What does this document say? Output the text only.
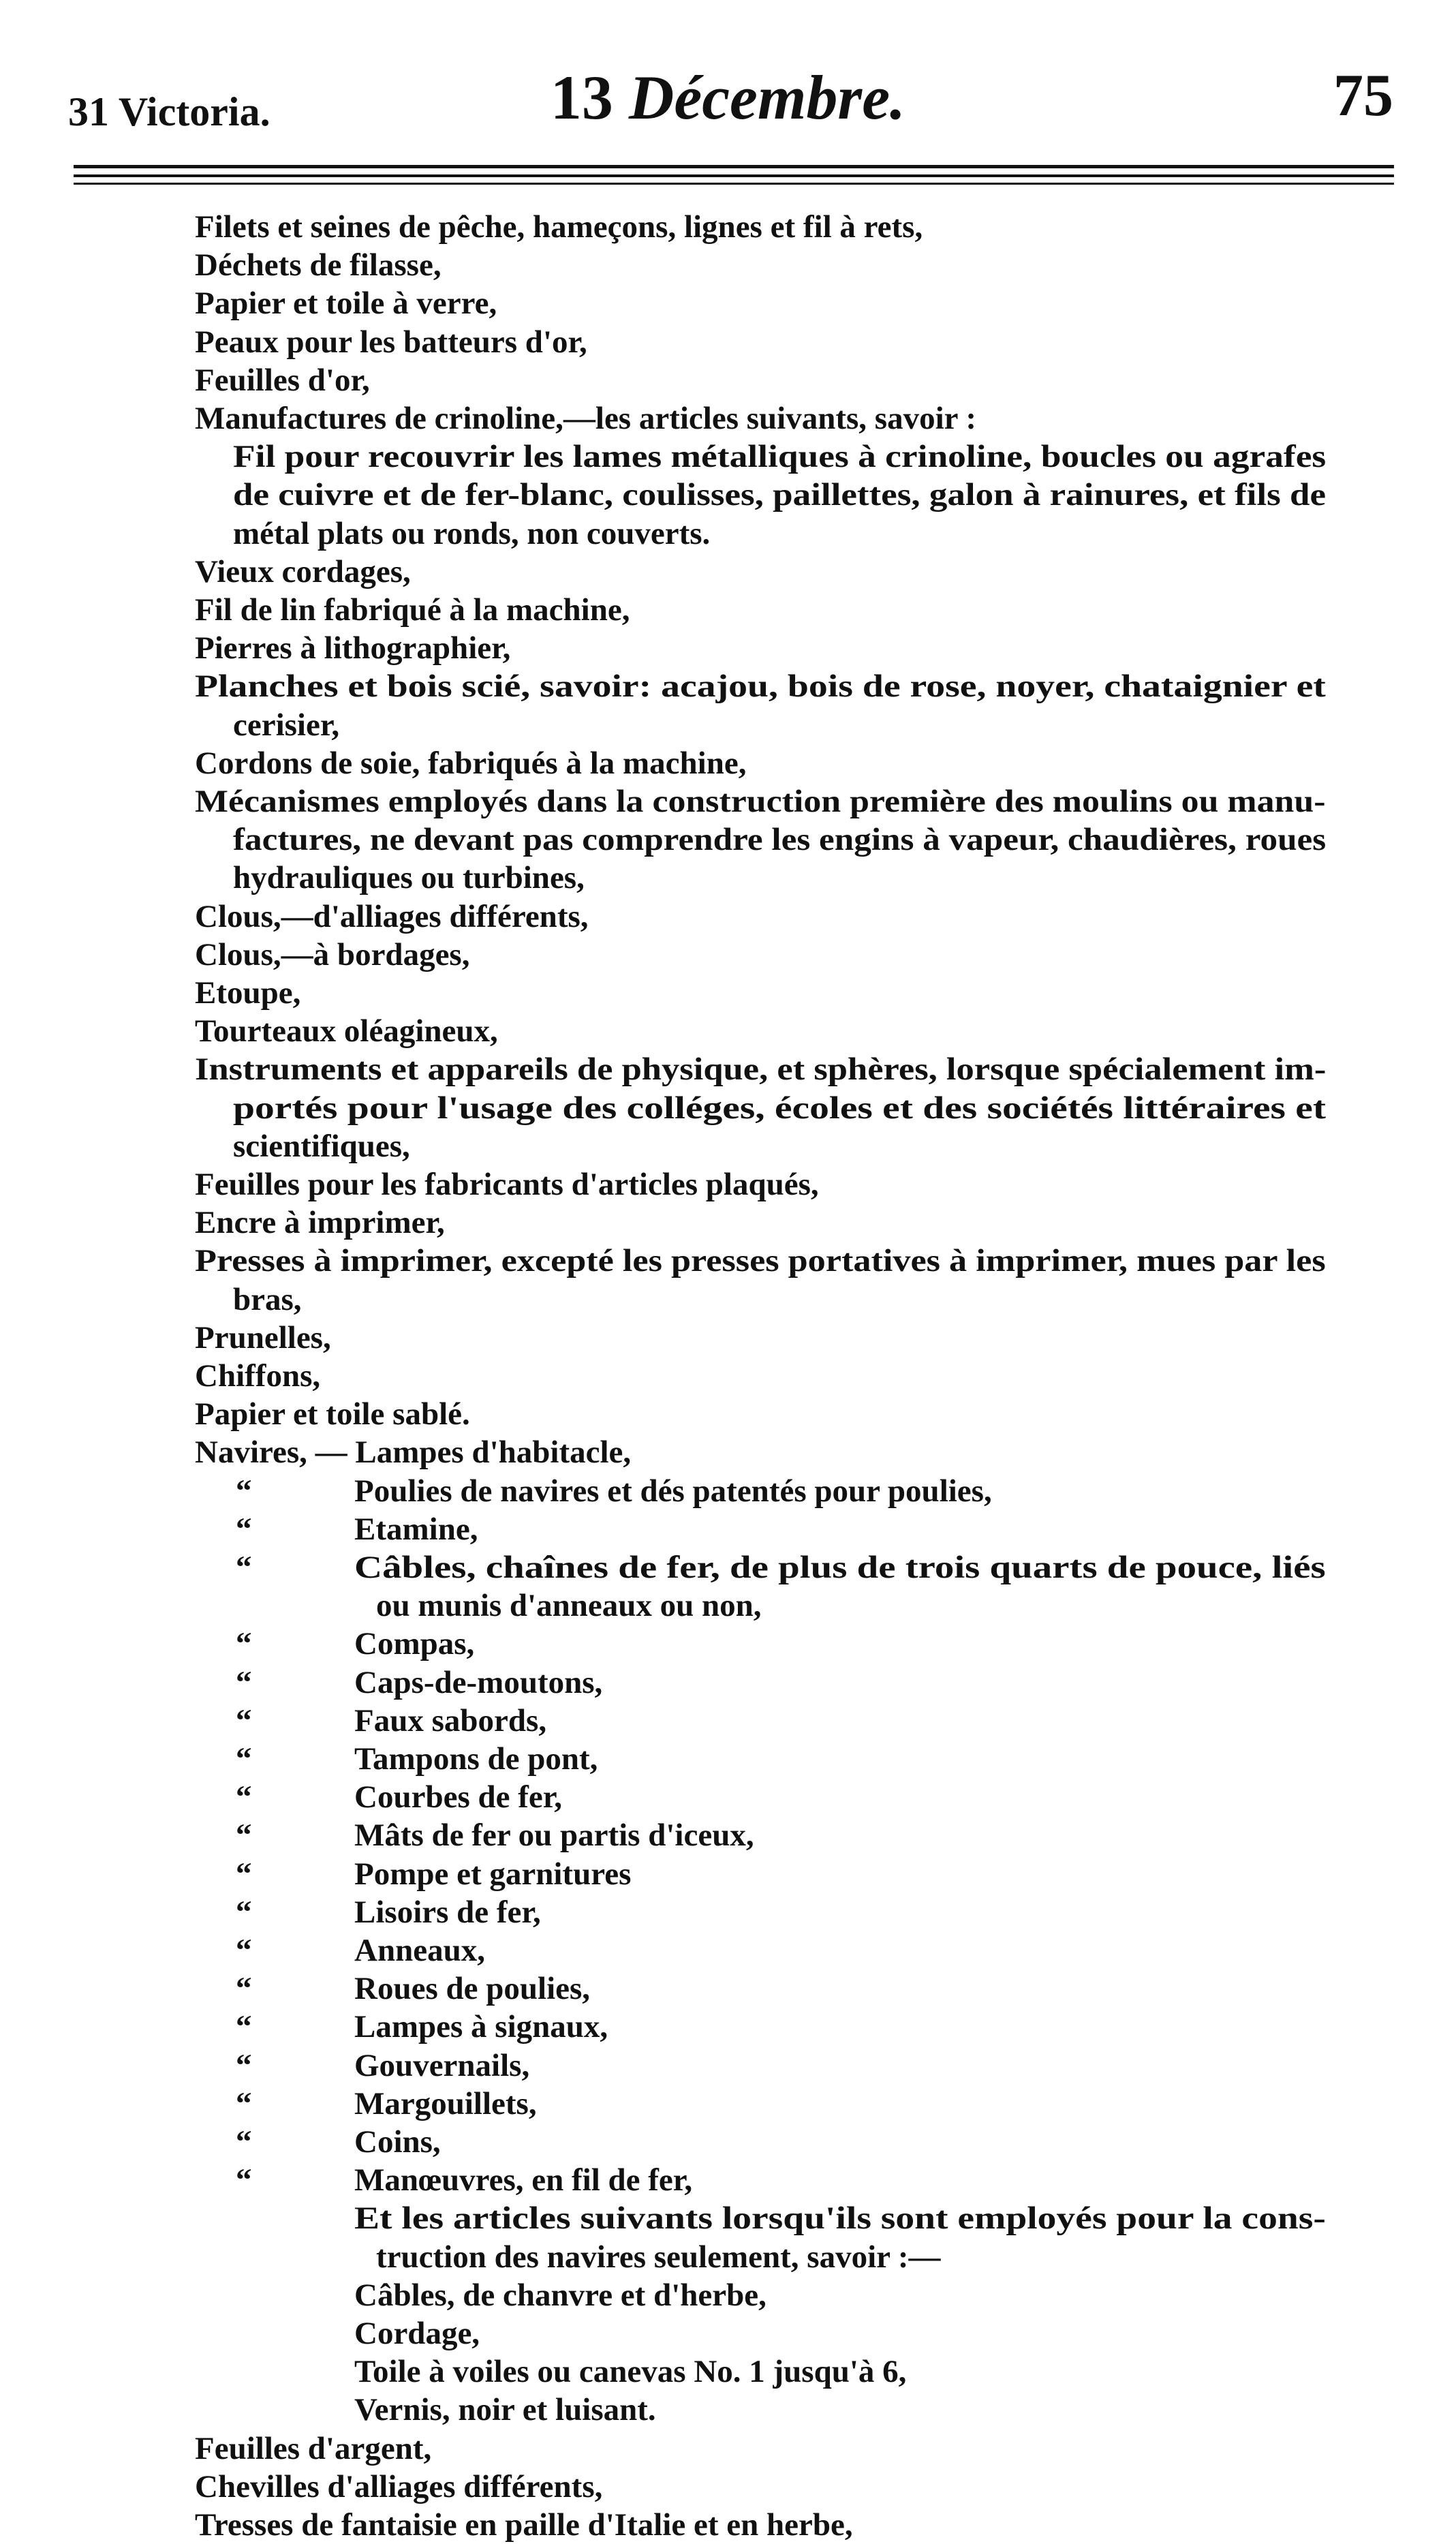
31 Victoria.	13 Décembre.	75
Filets et seines de pêche, hameçons, lignes et fil à rets,
Déchets de filasse,
Papier et toile à verre,
Peaux pour les batteurs d'or,
Feuilles d'or,
Manufactures de crinoline,—les articles suivants, savoir :
Fil pour recouvrir les lames métalliques à crinoline, boucles ou agrafes
de cuivre et de fer-blanc, coulisses, paillettes, galon à rainures, et fils de
métal plats ou ronds, non couverts.
Vieux cordages,
Fil de lin fabriqué à la machine,
Pierres à lithographier,
Planches et bois scié, savoir: acajou, bois de rose, noyer, chataignier et
cerisier,
Cordons de soie, fabriqués à la machine,
Mécanismes employés dans la construction première des moulins ou manu-
factures, ne devant pas comprendre les engins à vapeur, chaudières, roues
hydrauliques ou turbines,
Clous,—d'alliages différents,
Clous,—à bordages,
Etoupe,
Tourteaux oléagineux,
Instruments et appareils de physique, et sphères, lorsque spécialement im-
portés pour l'usage des colléges, écoles et des sociétés littéraires et
scientifiques,
Feuilles pour les fabricants d'articles plaqués,
Encre à imprimer,
Presses à imprimer, excepté les presses portatives à imprimer, mues par les
bras,
Prunelles,
Chiffons,
Papier et toile sablé.
Navires, — Lampes d'habitacle,
“	Poulies de navires et dés patentés pour poulies,
“	Etamine,
“	Câbles, chaînes de fer, de plus de trois quarts de pouce, liés
ou munis d'anneaux ou non,
“	Compas,
“	Caps-de-moutons,
“	Faux sabords,
“	Tampons de pont,
“	Courbes de fer,
“	Mâts de fer ou partis d'iceux,
“	Pompe et garnitures
“	Lisoirs de fer,
“	Anneaux,
“	Roues de poulies,
“	Lampes à signaux,
“	Gouvernails,
“	Margouillets,
“	Coins,
“	Manœuvres, en fil de fer,
Et les articles suivants lorsqu'ils sont employés pour la cons-
truction des navires seulement, savoir :—
Câbles, de chanvre et d'herbe,
Cordage,
Toile à voiles ou canevas No. 1 jusqu'à 6,
Vernis, noir et luisant.
Feuilles d'argent,
Chevilles d'alliages différents,
Tresses de fantaisie en paille d'Italie et en herbe,
